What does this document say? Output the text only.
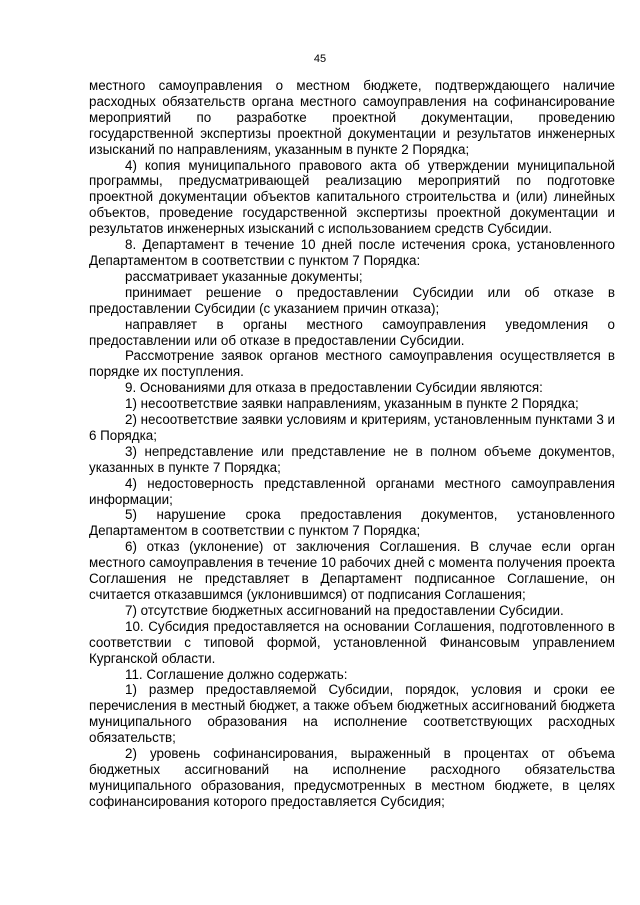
45

местного самоуправления о местном бюджете, подтверждающего наличие расходных обязательств органа местного самоуправления на софинансирование мероприятий по разработке проектной документации, проведению государственной экспертизы проектной документации и результатов инженерных изысканий по направлениям, указанным в пункте 2 Порядка;

4) копия муниципального правового акта об утверждении муниципальной программы, предусматривающей реализацию мероприятий по подготовке проектной документации объектов капитального строительства и (или) линейных объектов, проведение государственной экспертизы проектной документации и результатов инженерных изысканий с использованием средств Субсидии.

8. Департамент в течение 10 дней после истечения срока, установленного Департаментом в соответствии с пунктом 7 Порядка:

рассматривает указанные документы;

принимает решение о предоставлении Субсидии или об отказе в предоставлении Субсидии (с указанием причин отказа);

направляет в органы местного самоуправления уведомления о предоставлении или об отказе в предоставлении Субсидии.

Рассмотрение заявок органов местного самоуправления осуществляется в порядке их поступления.

9. Основаниями для отказа в предоставлении Субсидии являются:

1) несоответствие заявки направлениям, указанным в пункте 2 Порядка;

2) несоответствие заявки условиям и критериям, установленным пунктами 3 и 6 Порядка;

3) непредставление или представление не в полном объеме документов, указанных в пункте 7 Порядка;

4) недостоверность представленной органами местного самоуправления информации;

5) нарушение срока предоставления документов, установленного Департаментом в соответствии с пунктом 7 Порядка;

6) отказ (уклонение) от заключения Соглашения. В случае если орган местного самоуправления в течение 10 рабочих дней с момента получения проекта Соглашения не представляет в Департамент подписанное Соглашение, он считается отказавшимся (уклонившимся) от подписания Соглашения;

7) отсутствие бюджетных ассигнований на предоставлении Субсидии.

10. Субсидия предоставляется на основании Соглашения, подготовленного в соответствии с типовой формой, установленной Финансовым управлением Курганской области.

11. Соглашение должно содержать:

1) размер предоставляемой Субсидии, порядок, условия и сроки ее перечисления в местный бюджет, а также объем бюджетных ассигнований бюджета муниципального образования на исполнение соответствующих расходных обязательств;

2) уровень софинансирования, выраженный в процентах от объема бюджетных ассигнований на исполнение расходного обязательства муниципального образования, предусмотренных в местном бюджете, в целях софинансирования которого предоставляется Субсидия;
